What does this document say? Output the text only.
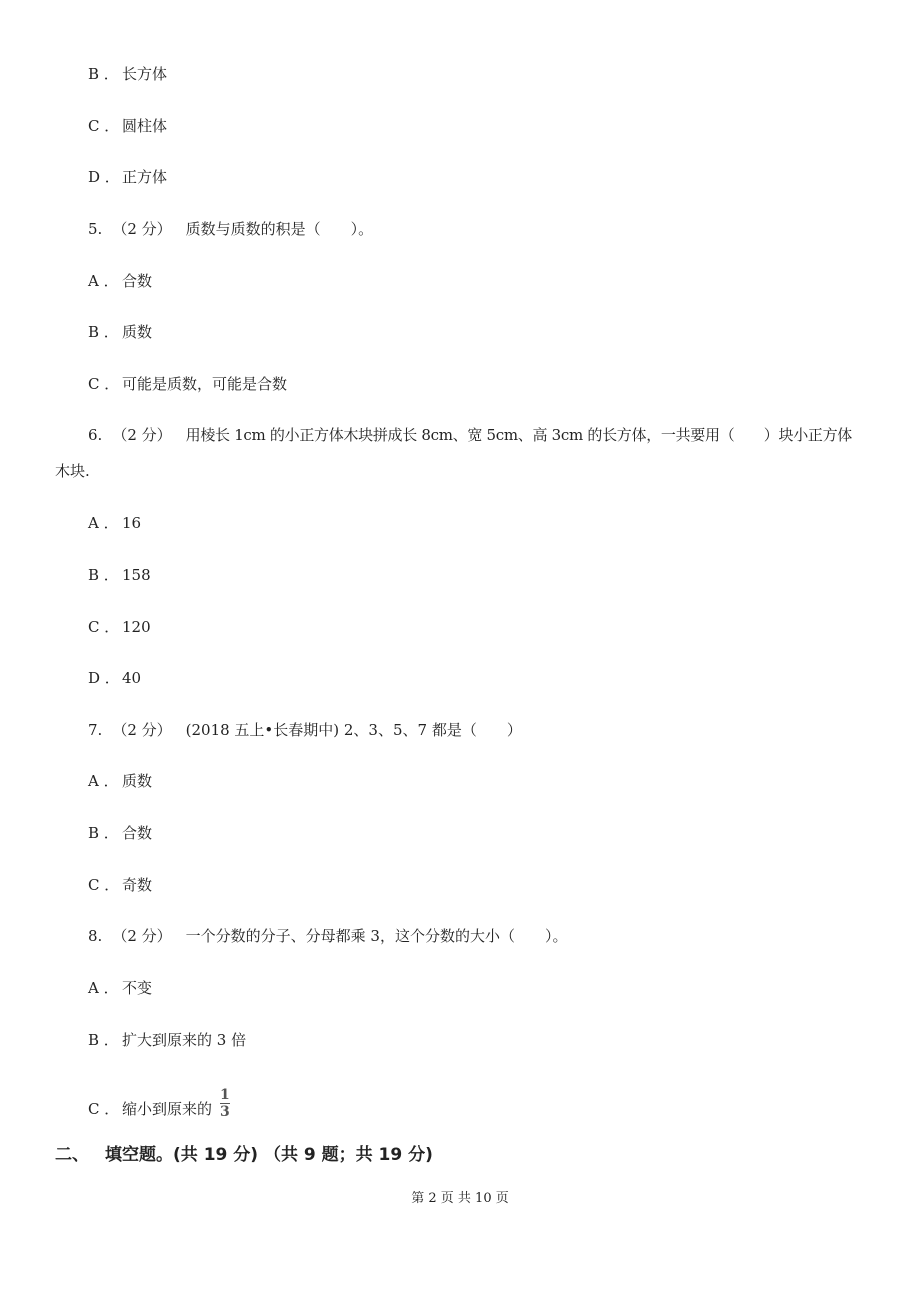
B ． 长方体
C ． 圆柱体
D ． 正方体
5. （2 分） 质数与质数的积是（　　）。
A ． 合数
B ． 质数
C ． 可能是质数，可能是合数
6. （2 分） 用棱长 1cm 的小正方体木块拼成长 8cm、宽 5cm、高 3cm 的长方体，一共要用（　　）块小正方体
木块.
A ． 16
B ． 158
C ． 120
D ． 40
7. （2 分） (2018 五上•长春期中) 2、3、5、7 都是（　　）
A ． 质数
B ． 合数
C ． 奇数
8. （2 分） 一个分数的分子、分母都乘 3，这个分数的大小（　　）。
A ． 不变
B ． 扩大到原来的 3 倍
C ． 缩小到原来的 $\frac{1}{3}$
二、 填空题。(共 19 分) （共 9 题；共 19 分)
第 2 页 共 10 页
